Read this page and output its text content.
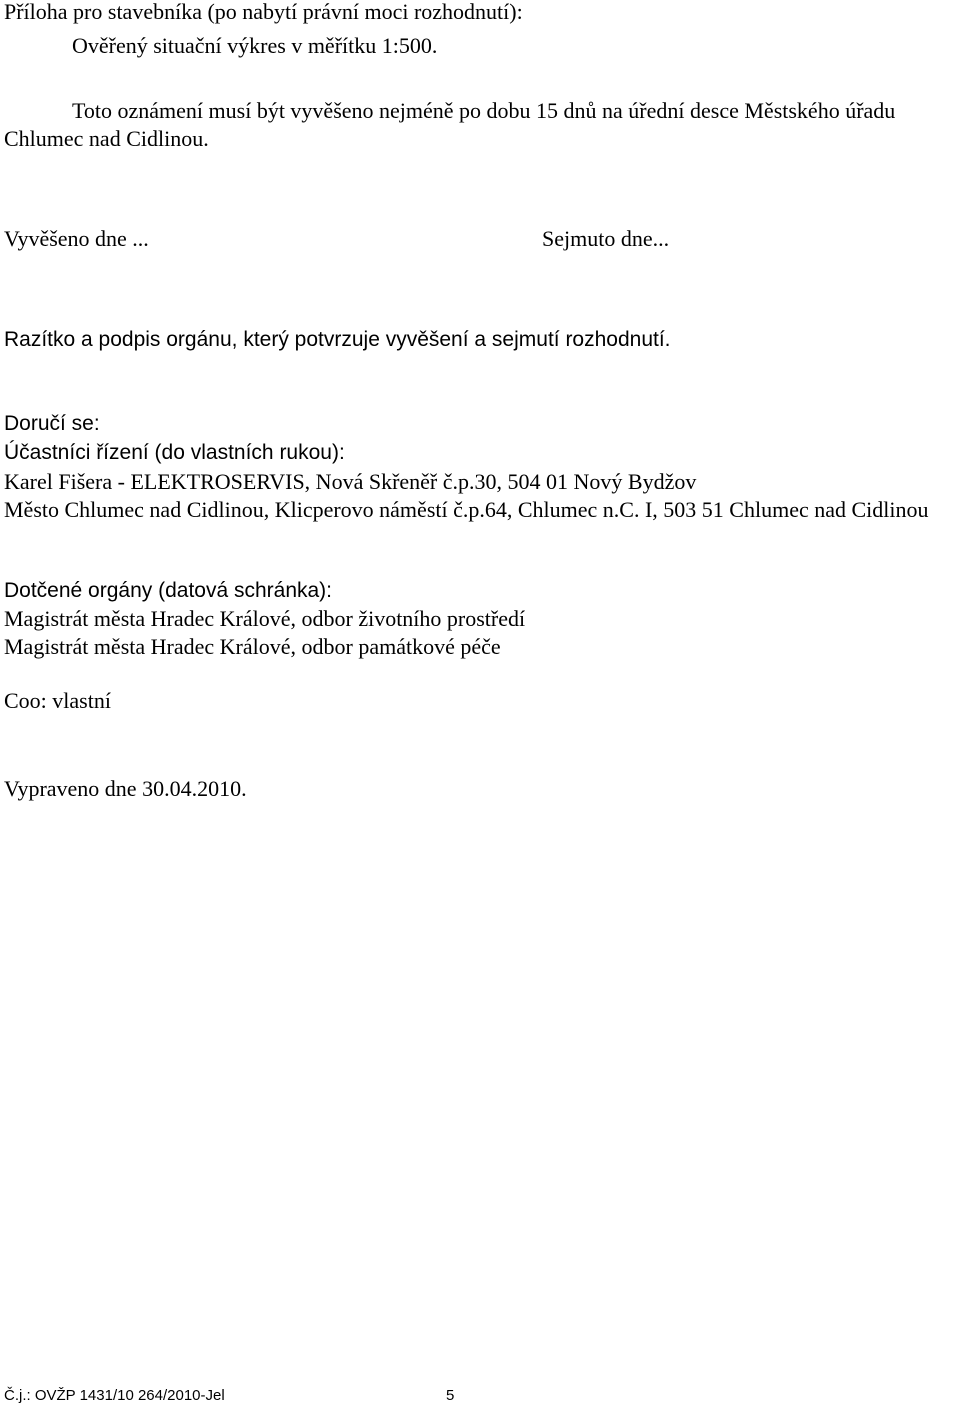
Příloha pro stavebníka (po nabytí právní moci rozhodnutí):
Ověřený situační výkres v měřítku 1:500.
Toto oznámení musí být vyvěšeno nejméně po dobu 15 dnů na úřední desce Městského úřadu Chlumec nad Cidlinou.
Vyvěšeno dne ...	Sejmuto dne...
Razítko a podpis orgánu, který potvrzuje vyvěšení a sejmutí rozhodnutí.
Doručí se:
Účastníci řízení (do vlastních rukou):
Karel Fišera - ELEKTROSERVIS, Nová Skřeněř č.p.30, 504 01 Nový Bydžov
Město Chlumec nad Cidlinou, Klicperovo náměstí č.p.64, Chlumec n.C. I, 503 51 Chlumec nad Cidlinou
Dotčené orgány (datová schránka):
Magistrát města Hradec Králové, odbor životního prostředí
Magistrát města Hradec Králové, odbor památkové péče
Coo: vlastní
Vypraveno dne 30.04.2010.
Č.j.: OVŽP 1431/10 264/2010-Jel	5
